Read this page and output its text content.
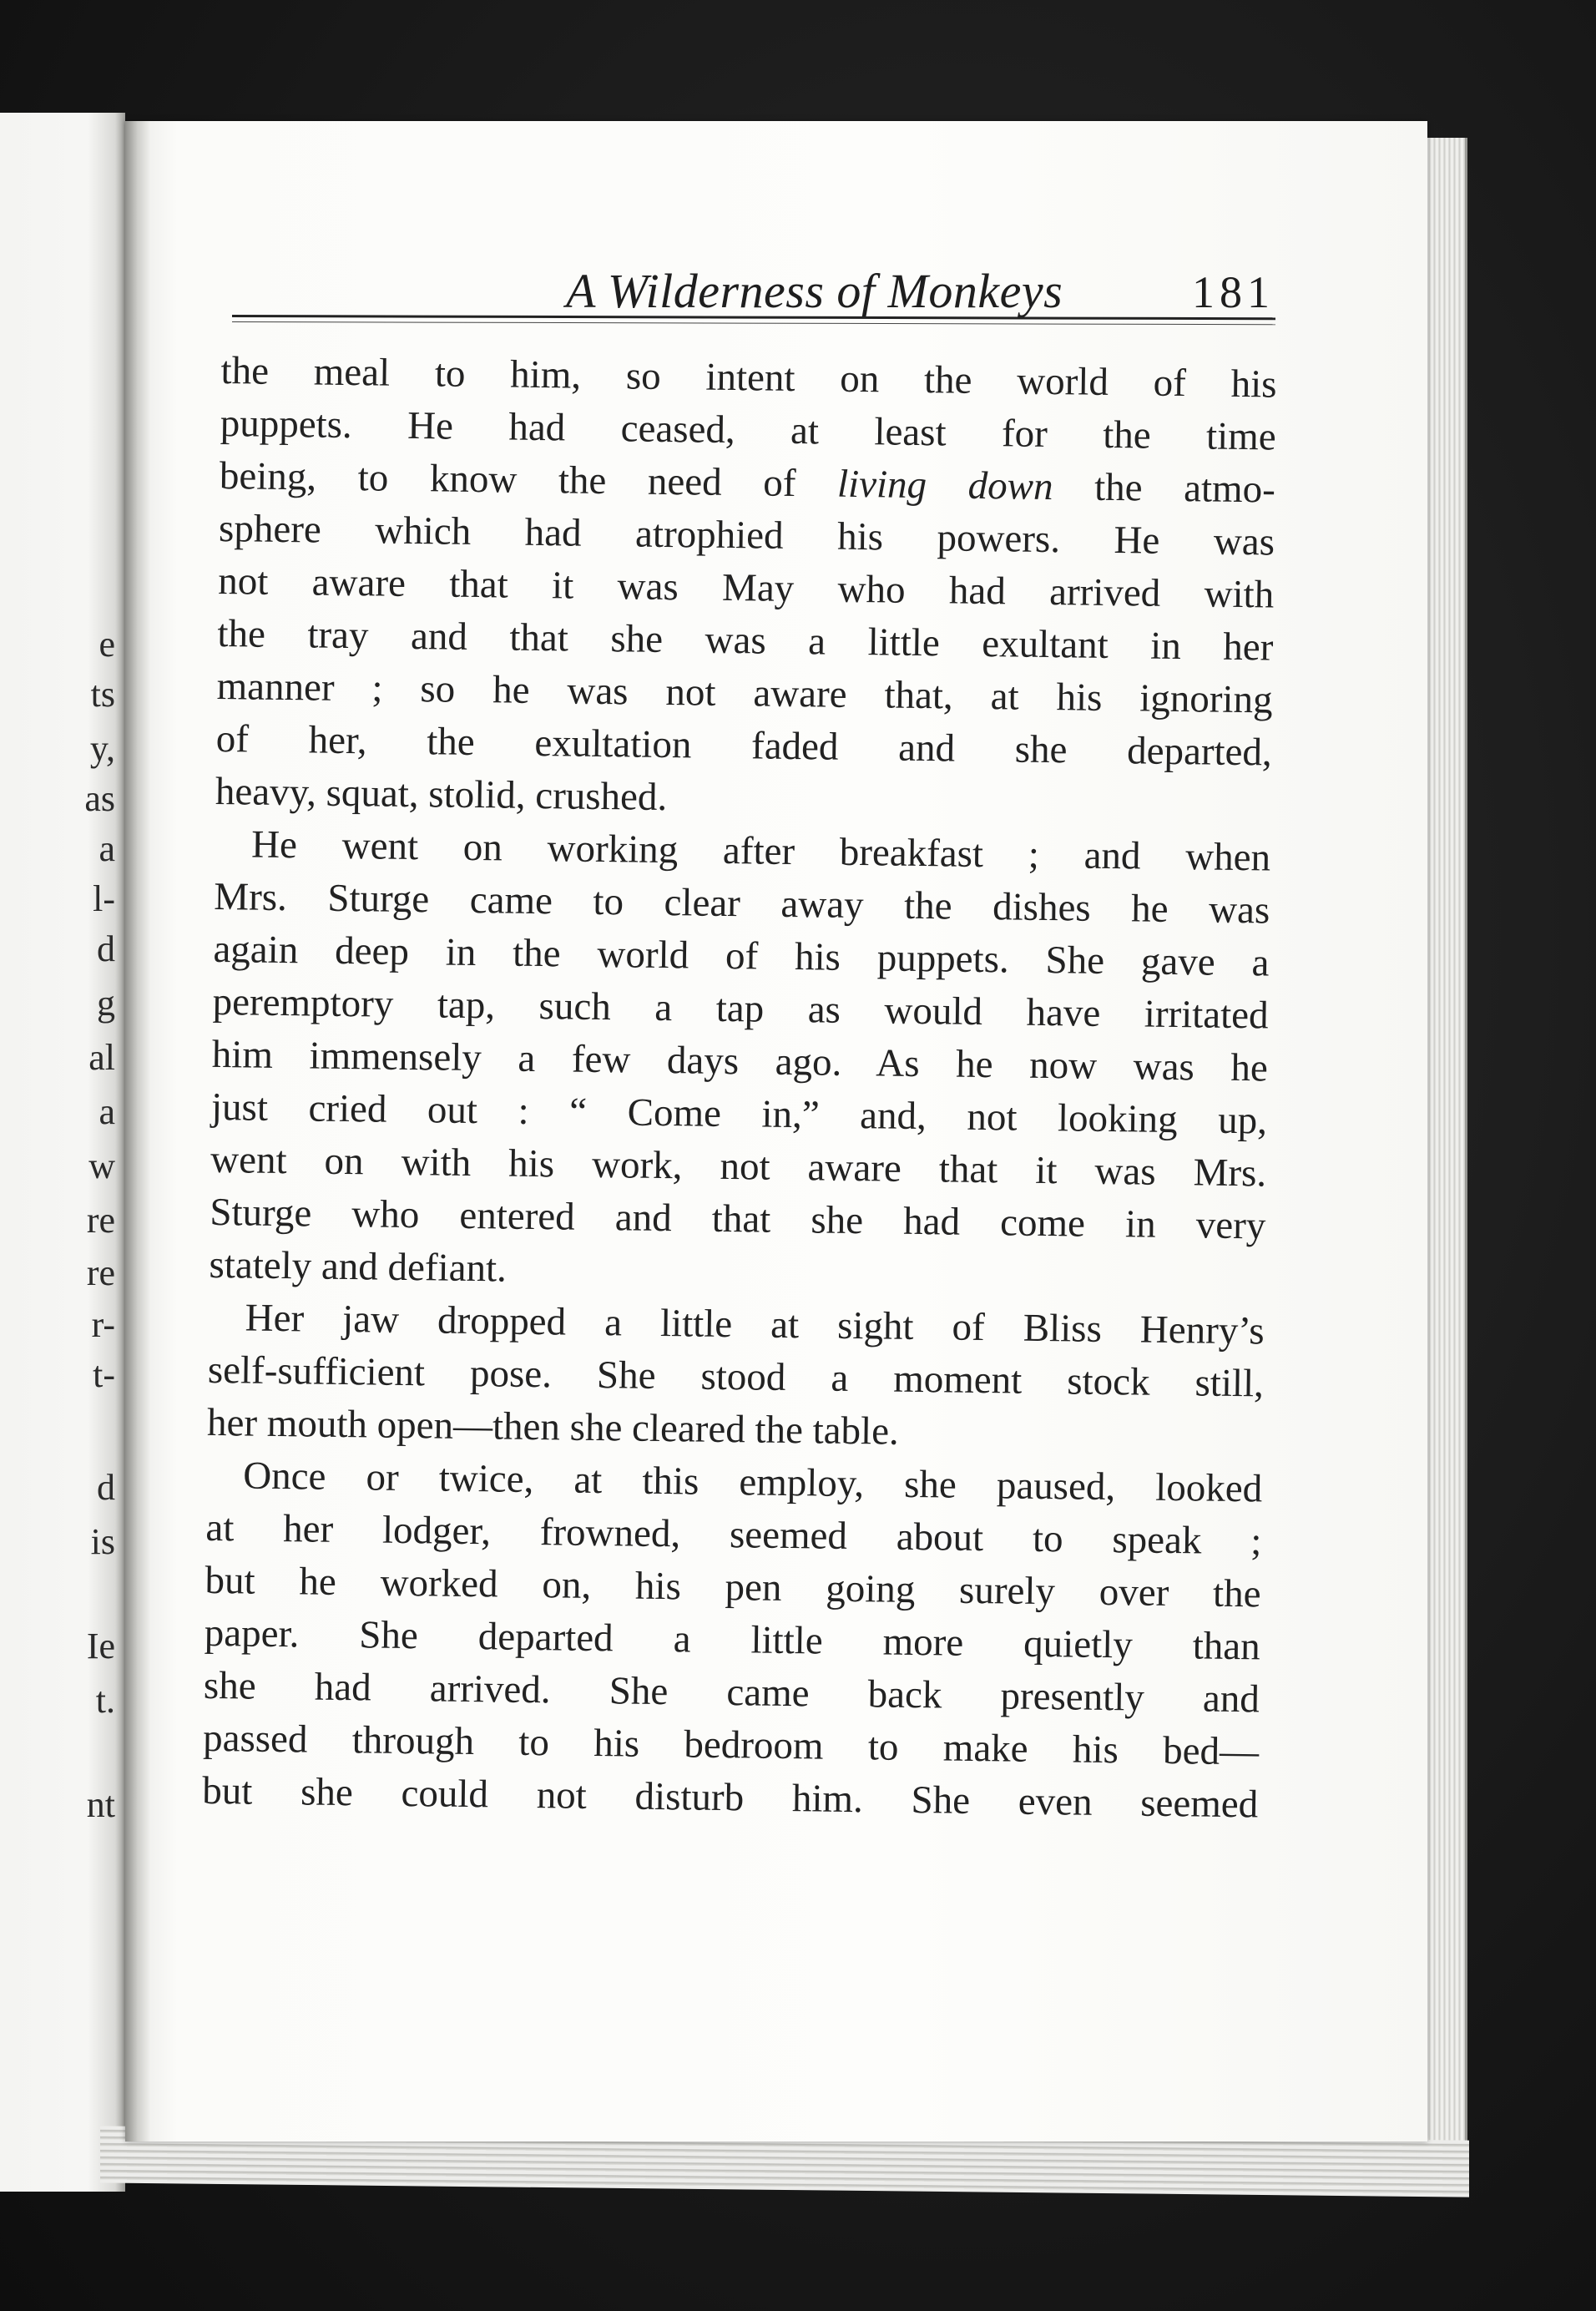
e
ts
y,
as
a
l-
d
g
al
a
w
re
re
r-
t-
d
is
Ie
t.
nt
A Wilderness of Monkeys	181
the meal to him, so intent on the world of his
puppets. He had ceased, at least for the time
being, to know the need of living down the atmo-
sphere which had atrophied his powers. He was
not aware that it was May who had arrived with
the tray and that she was a little exultant in her
manner ; so he was not aware that, at his ignoring
of her, the exultation faded and she departed,
heavy, squat, stolid, crushed.
He went on working after breakfast ; and when
Mrs. Sturge came to clear away the dishes he was
again deep in the world of his puppets. She gave a
peremptory tap, such a tap as would have irritated
him immensely a few days ago. As he now was he
just cried out : “ Come in,” and, not looking up,
went on with his work, not aware that it was Mrs.
Sturge who entered and that she had come in very
stately and defiant.
Her jaw dropped a little at sight of Bliss Henry’s
self-sufficient pose. She stood a moment stock still,
her mouth open—then she cleared the table.
Once or twice, at this employ, she paused, looked
at her lodger, frowned, seemed about to speak ;
but he worked on, his pen going surely over the
paper. She departed a little more quietly than
she had arrived. She came back presently and
passed through to his bedroom to make his bed—
but she could not disturb him. She even seemed
